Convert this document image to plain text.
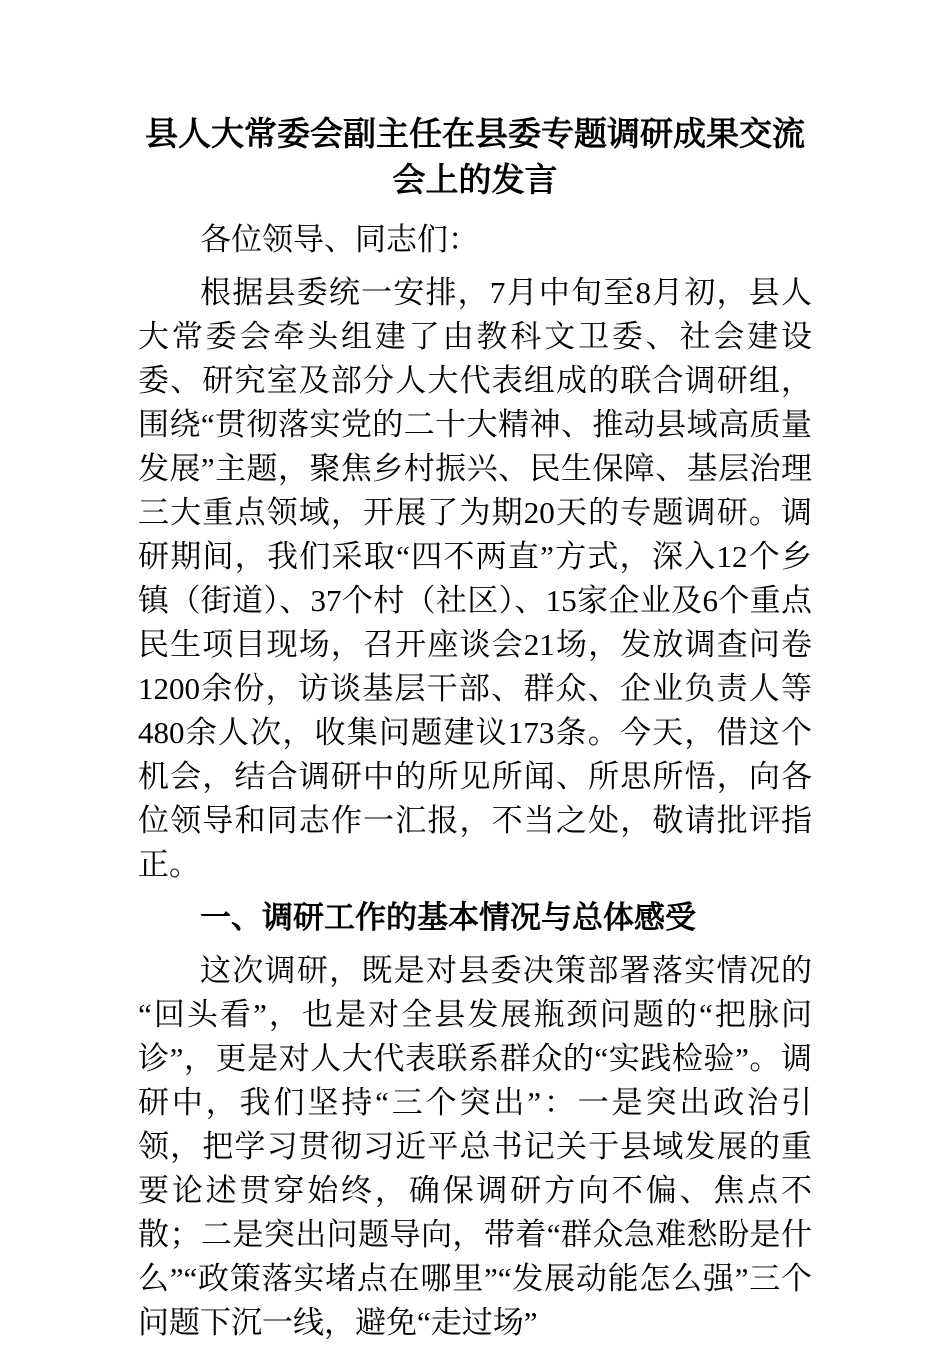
县人大常委会副主任在县委专题调研成果交流会上的发言

各位领导、同志们：

根据县委统一安排，7月中旬至8月初，县人大常委会牵头组建了由教科文卫委、社会建设委、研究室及部分人大代表组成的联合调研组，围绕“贯彻落实党的二十大精神、推动县域高质量发展”主题，聚焦乡村振兴、民生保障、基层治理三大重点领域，开展了为期20天的专题调研。调研期间，我们采取“四不两直”方式，深入12个乡镇（街道）、37个村（社区）、15家企业及6个重点民生项目现场，召开座谈会21场，发放调查问卷1200余份，访谈基层干部、群众、企业负责人等480余人次，收集问题建议173条。今天，借这个机会，结合调研中的所见所闻、所思所悟，向各位领导和同志作一汇报，不当之处，敬请批评指正。

一、调研工作的基本情况与总体感受

这次调研，既是对县委决策部署落实情况的“回头看”，也是对全县发展瓶颈问题的“把脉问诊”，更是对人大代表联系群众的“实践检验”。调研中，我们坚持“三个突出”：一是突出政治引领，把学习贯彻习近平总书记关于县域发展的重要论述贯穿始终，确保调研方向不偏、焦点不散；二是突出问题导向，带着“群众急难愁盼是什么”“政策落实堵点在哪里”“发展动能怎么强”三个问题下沉一线，避免“走过场”
